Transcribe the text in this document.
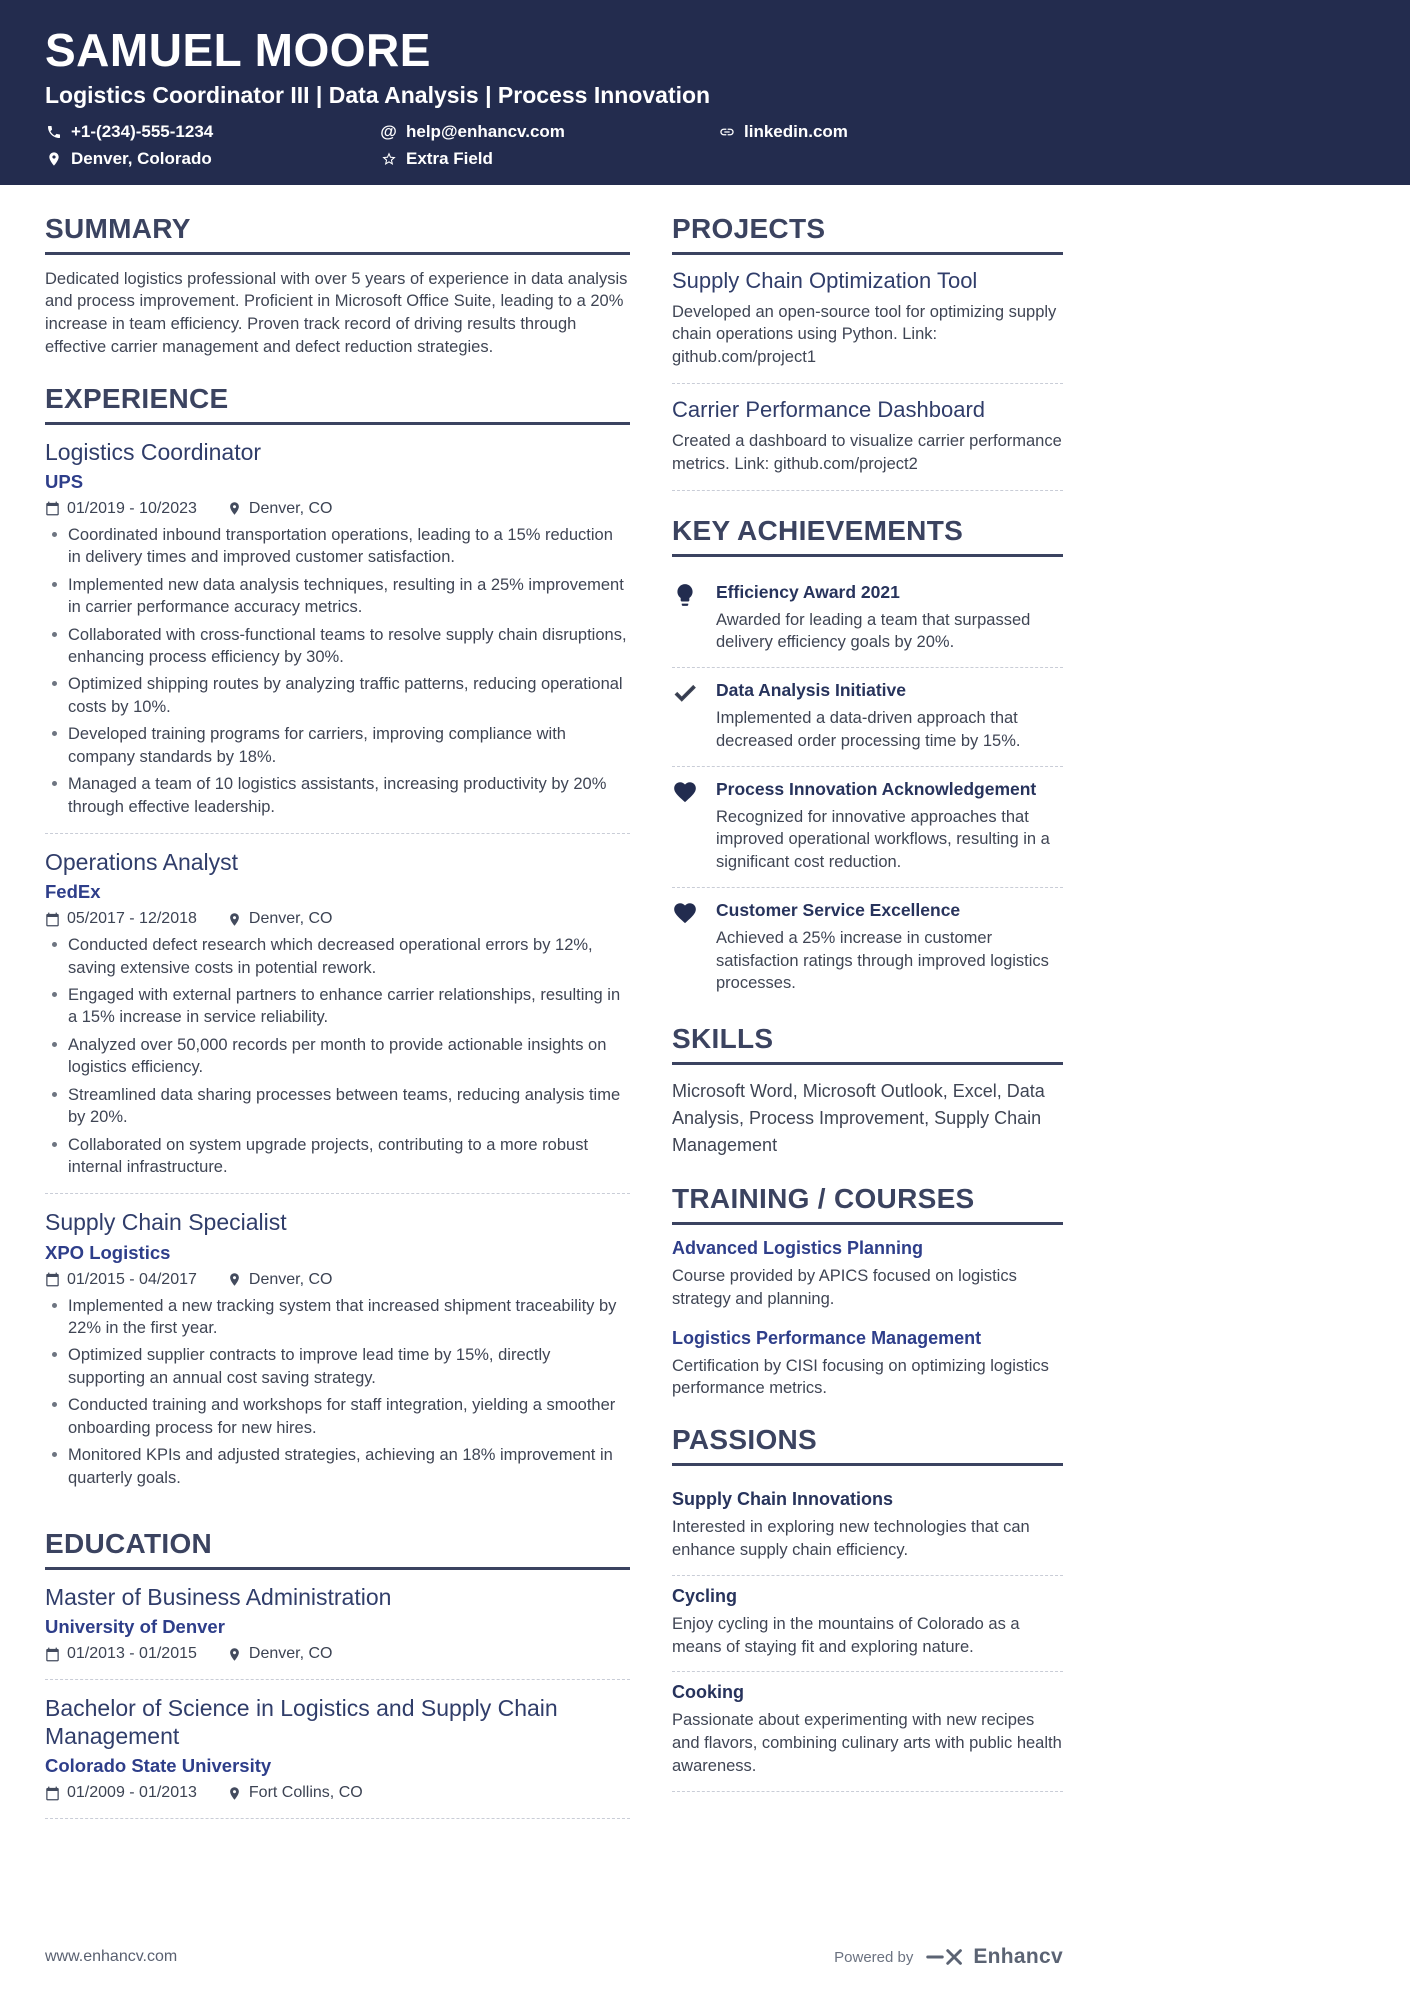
SAMUEL MOORE
Logistics Coordinator III | Data Analysis | Process Innovation
+1-(234)-555-1234	@ help@enhancv.com	linkedin.com
Denver, Colorado	Extra Field
SUMMARY

Dedicated logistics professional with over 5 years of experience in data analysis and process improvement. Proficient in Microsoft Office Suite, leading to a 20% increase in team efficiency. Proven track record of driving results through effective carrier management and defect reduction strategies.

EXPERIENCE
Logistics Coordinator
UPS
01/2019 - 10/2023	Denver, CO
Coordinated inbound transportation operations, leading to a 15% reduction in delivery times and improved customer satisfaction.
Implemented new data analysis techniques, resulting in a 25% improvement in carrier performance accuracy metrics.
Collaborated with cross-functional teams to resolve supply chain disruptions, enhancing process efficiency by 30%.
Optimized shipping routes by analyzing traffic patterns, reducing operational costs by 10%.
Developed training programs for carriers, improving compliance with company standards by 18%.
Managed a team of 10 logistics assistants, increasing productivity by 20% through effective leadership.
Operations Analyst
FedEx
05/2017 - 12/2018	Denver, CO
Conducted defect research which decreased operational errors by 12%, saving extensive costs in potential rework.
Engaged with external partners to enhance carrier relationships, resulting in a 15% increase in service reliability.
Analyzed over 50,000 records per month to provide actionable insights on logistics efficiency.
Streamlined data sharing processes between teams, reducing analysis time by 20%.
Collaborated on system upgrade projects, contributing to a more robust internal infrastructure.
Supply Chain Specialist
XPO Logistics
01/2015 - 04/2017	Denver, CO
Implemented a new tracking system that increased shipment traceability by 22% in the first year.
Optimized supplier contracts to improve lead time by 15%, directly supporting an annual cost saving strategy.
Conducted training and workshops for staff integration, yielding a smoother onboarding process for new hires.
Monitored KPIs and adjusted strategies, achieving an 18% improvement in quarterly goals.
EDUCATION
Master of Business Administration
University of Denver
01/2013 - 01/2015	Denver, CO
Bachelor of Science in Logistics and Supply Chain Management
Colorado State University
01/2009 - 01/2013	Fort Collins, CO
PROJECTS
Supply Chain Optimization Tool

Developed an open-source tool for optimizing supply chain operations using Python. Link: github.com/project1

Carrier Performance Dashboard

Created a dashboard to visualize carrier performance metrics. Link: github.com/project2

KEY ACHIEVEMENTS
Efficiency Award 2021

Awarded for leading a team that surpassed delivery efficiency goals by 20%.

Data Analysis Initiative

Implemented a data-driven approach that decreased order processing time by 15%.

Process Innovation Acknowledgement

Recognized for innovative approaches that improved operational workflows, resulting in a significant cost reduction.

Customer Service Excellence

Achieved a 25% increase in customer satisfaction ratings through improved logistics processes.

SKILLS

Microsoft Word, Microsoft Outlook, Excel, Data Analysis, Process Improvement, Supply Chain Management

TRAINING / COURSES
Advanced Logistics Planning

Course provided by APICS focused on logistics strategy and planning.

Logistics Performance Management

Certification by CISI focusing on optimizing logistics performance metrics.

PASSIONS
Supply Chain Innovations

Interested in exploring new technologies that can enhance supply chain efficiency.

Cycling

Enjoy cycling in the mountains of Colorado as a means of staying fit and exploring nature.

Cooking

Passionate about experimenting with new recipes and flavors, combining culinary arts with public health awareness.

www.enhancv.com	Powered by	Enhancv
